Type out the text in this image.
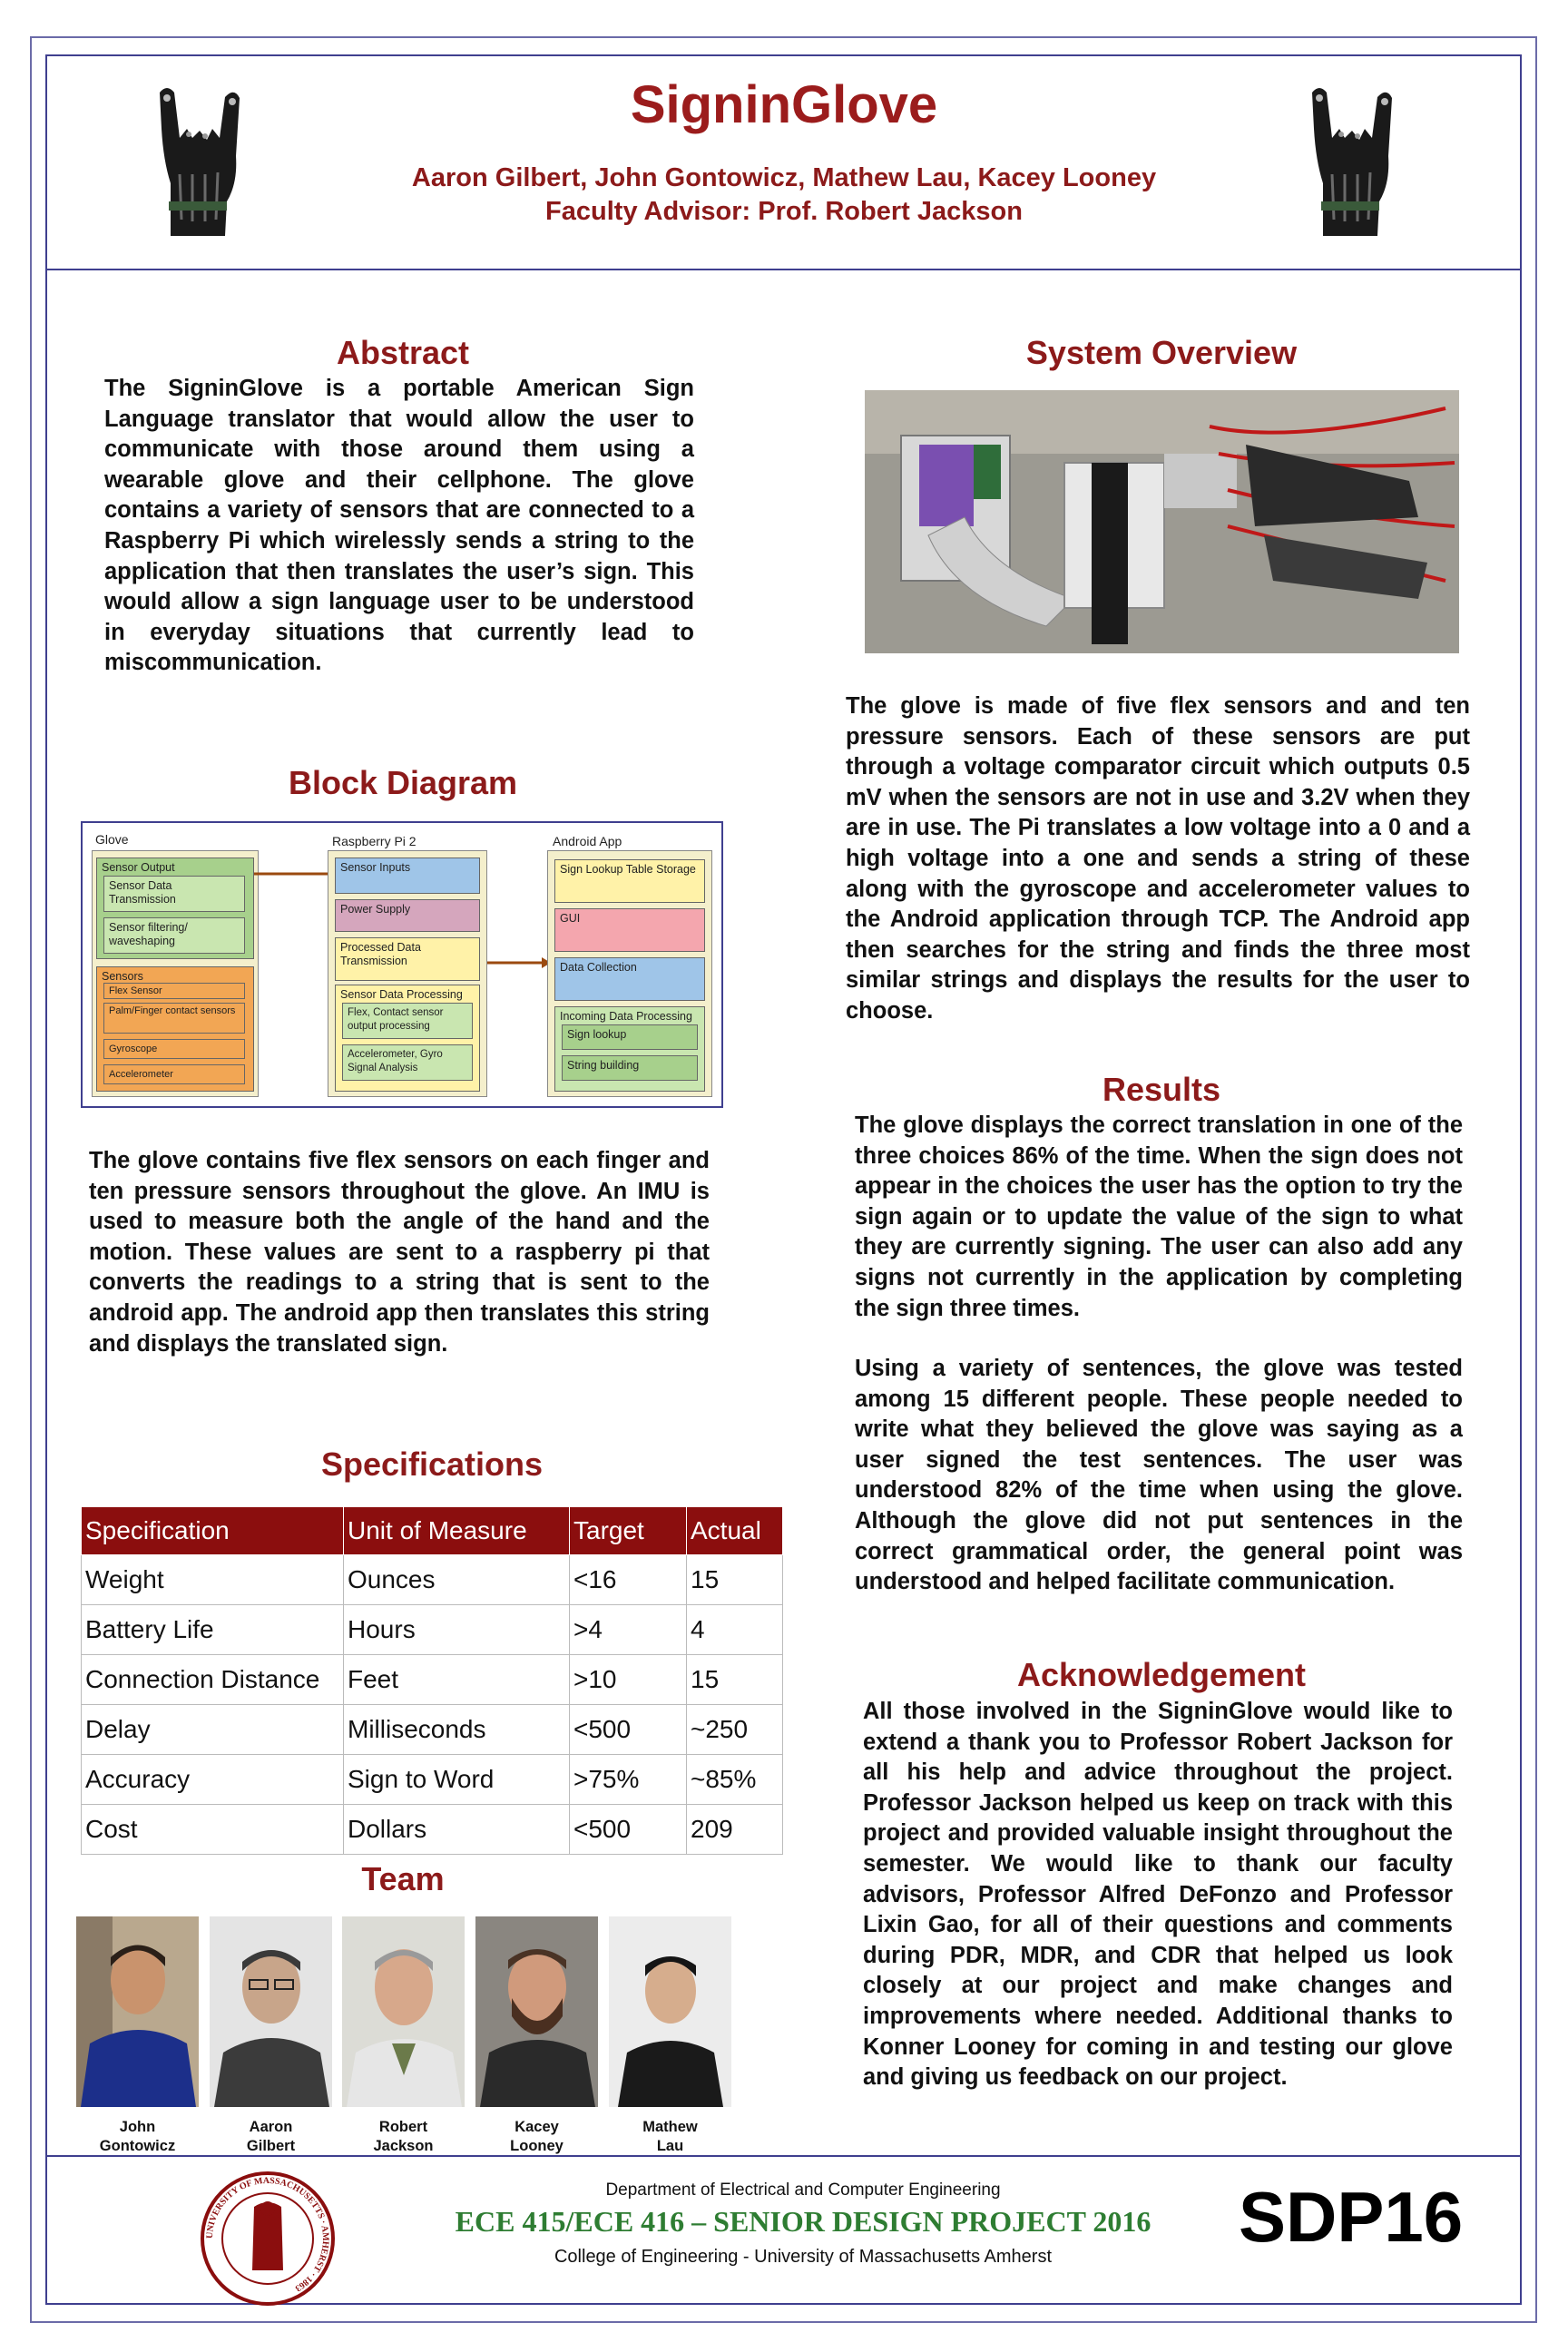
SigninGlove
Aaron Gilbert, John Gontowicz, Mathew Lau, Kacey Looney
Faculty Advisor: Prof. Robert Jackson
Abstract
The SigninGlove is a portable American Sign Language translator that would allow the user to communicate with those around them using a wearable glove and their cellphone. The glove contains a variety of sensors that are connected to a Raspberry Pi which wirelessly sends a string to the application that then translates the user’s sign. This would allow a sign language user to be understood in everyday situations that currently lead to miscommunication.
Block Diagram
Glove	Raspberry Pi 2	Android App
Sensor Output
Sensor Data Transmission
Sensor filtering/ waveshaping
Sensors
Flex Sensor
Palm/Finger contact sensors
Gyroscope
Accelerometer
Sensor Inputs
Power Supply
Processed Data Transmission
Sensor Data Processing
Flex, Contact sensor output processing
Accelerometer, Gyro Signal Analysis
Sign Lookup Table Storage
GUI
Data Collection
Incoming Data Processing
Sign lookup
String building
The glove contains five flex sensors on each finger and ten pressure sensors throughout the glove. An IMU is used to measure both the angle of the hand and the motion. These values are sent to a raspberry pi that converts the readings to a string that is sent to the android app. The android app then translates this string and displays the translated sign.
Specifications
Specification	Unit of Measure	Target	Actual
Weight	Ounces	<16	15
Battery Life	Hours	>4	4
Connection Distance	Feet	>10	15
Delay	Milliseconds	<500	~250
Accuracy	Sign to Word	>75%	~85%
Cost	Dollars	<500	209
Team
John
Gontowicz
Aaron
Gilbert
Robert
Jackson
Kacey
Looney
Mathew
Lau
System Overview
The glove is made of five flex sensors and and ten pressure sensors. Each of these sensors are put through a voltage comparator circuit which outputs 0.5 mV when the sensors are not in use and 3.2V when they are in use. The Pi translates a low voltage into a 0 and a high voltage into a one and sends a string of these along with the gyroscope and accelerometer values to the Android application through TCP. The Android app then searches for the string and finds the three most similar strings and displays the results for the user to choose.
Results
The glove displays the correct translation in one of the three choices 86% of the time. When the sign does not appear in the choices the user has the option to try the sign again or to update the value of the sign to what they are currently signing. The user can also add any signs not currently in the application by completing the sign three times.
Using a variety of sentences, the glove was tested among 15 different people. These people needed to write what they believed the glove was saying as a user signed the test sentences. The user was understood 82% of the time when using the glove. Although the glove did not put sentences in the correct grammatical order, the general point was understood and helped facilitate communication.
Acknowledgement
All those involved in the SigninGlove would like to extend a thank you to Professor Robert Jackson for all his help and advice throughout the project. Professor Jackson helped us keep on track with this project and provided valuable insight throughout the semester. We would like to thank our faculty advisors, Professor Alfred DeFonzo and Professor Lixin Gao, for all of their questions and comments during PDR, MDR, and CDR that helped us look closely at our project and make changes and improvements where needed. Additional thanks to Konner Looney for coming in and testing our glove and giving us feedback on our project.
UNIVERSITY OF MASSACHUSETTS · AMHERST · 1863
Department of Electrical and Computer Engineering
ECE 415/ECE 416 – SENIOR DESIGN PROJECT 2016
College of Engineering - University of Massachusetts Amherst	SDP16
